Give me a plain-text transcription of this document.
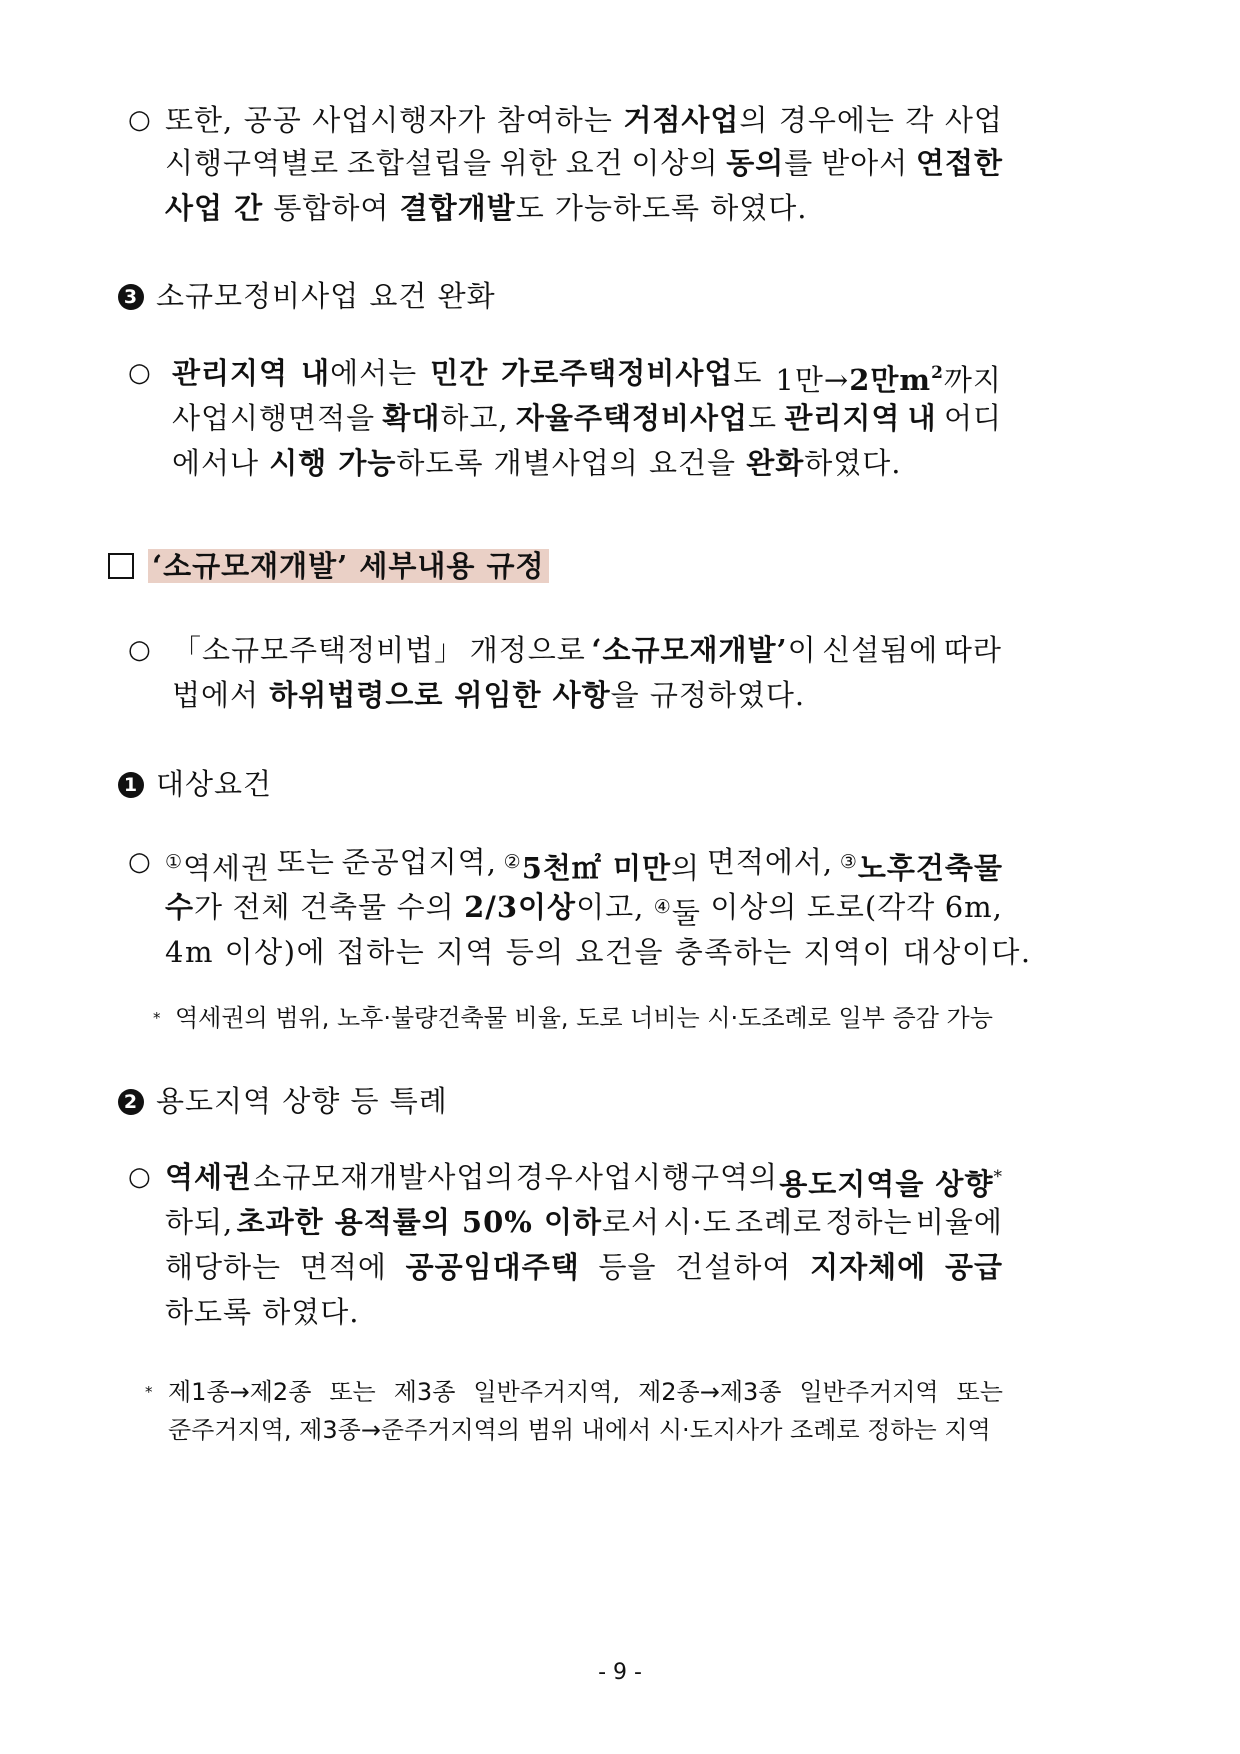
○ 또한, 공공 사업시행자가 참여하는 거점사업의 경우에는 각 사업
시행구역별로 조합설립을 위한 요건 이상의 동의를 받아서 연접한
사업 간 통합하여 결합개발도 가능하도록 하였다.
3 소규모정비사업 요건 완화
○ 관리지역 내에서는 민간 가로주택정비사업도 1만→2만$m^2$까지
사업시행면적을 확대하고, 자율주택정비사업도 관리지역 내 어디
에서나 시행 가능하도록 개별사업의 요건을 완화하였다.
‘소규모재개발’ 세부내용 규정
○ 「소규모주택정비법」 개정으로 ‘소규모재개발’이 신설됨에 따라
법에서 하위법령으로 위임한 사항을 규정하였다.
1 대상요건
○ ①역세권 또는 준공업지역, ②5천㎡ 미만의 면적에서, ③노후건축물
수가 전체 건축물 수의 2/3이상이고, ④둘 이상의 도로(각각 6m,
4m 이상)에 접하는 지역 등의 요건을 충족하는 지역이 대상이다.
* 역세권의 범위, 노후·불량건축물 비율, 도로 너비는 시·도조례로 일부 증감 가능
2 용도지역 상향 등 특례
○ 역세권 소규모재개발사업의 경우 사업시행구역의 용도지역을 상향*
하되, 초과한 용적률의 50% 이하로서 시·도 조례로 정하는 비율에
해당하는 면적에 공공임대주택 등을 건설하여 지자체에 공급
하도록 하였다.
* 제1종→제2종 또는 제3종 일반주거지역, 제2종→제3종 일반주거지역 또는
준주거지역, 제3종→준주거지역의 범위 내에서 시·도지사가 조례로 정하는 지역
- 9 -
